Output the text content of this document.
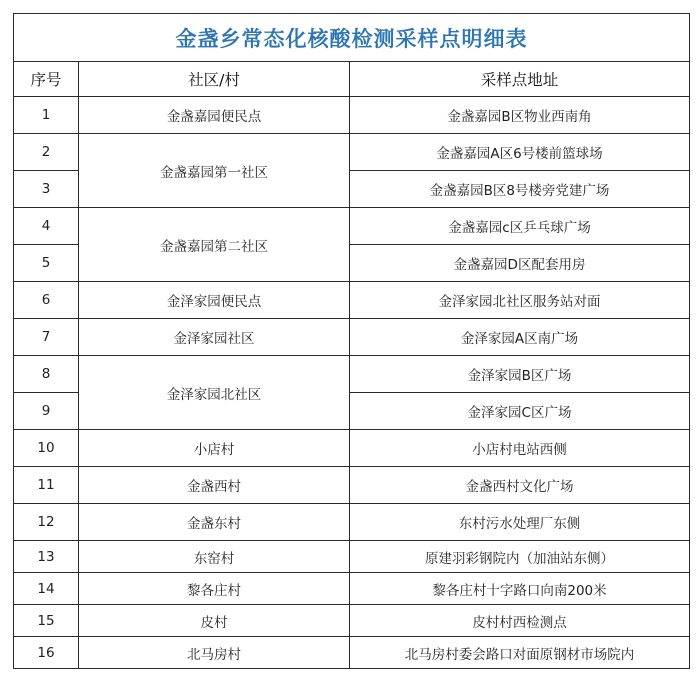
金盏乡常态化核酸检测采样点明细表		
序号	社区/村	采样点地址
1	金盏嘉园便民点	金盏嘉园B区物业西南角
2	金盏嘉园第一社区	金盏嘉园A区6号楼前篮球场
3		金盏嘉园B区8号楼旁党建广场
4	金盏嘉园第二社区	金盏嘉园c区乒乓球广场
5		金盏嘉园D区配套用房
6	金泽家园便民点	金泽家园北社区服务站对面
7	金泽家园社区	金泽家园A区南广场
8	金泽家园北社区	金泽家园B区广场
9		金泽家园C区广场
10	小店村	小店村电站西侧
11	金盏西村	金盏西村文化广场
12	金盏东村	东村污水处理厂东侧
13	东窑村	原建羽彩钢院内（加油站东侧）
14	黎各庄村	黎各庄村十字路口向南200米
15	皮村	皮村村西检测点
16	北马房村	北马房村委会路口对面原钢材市场院内
